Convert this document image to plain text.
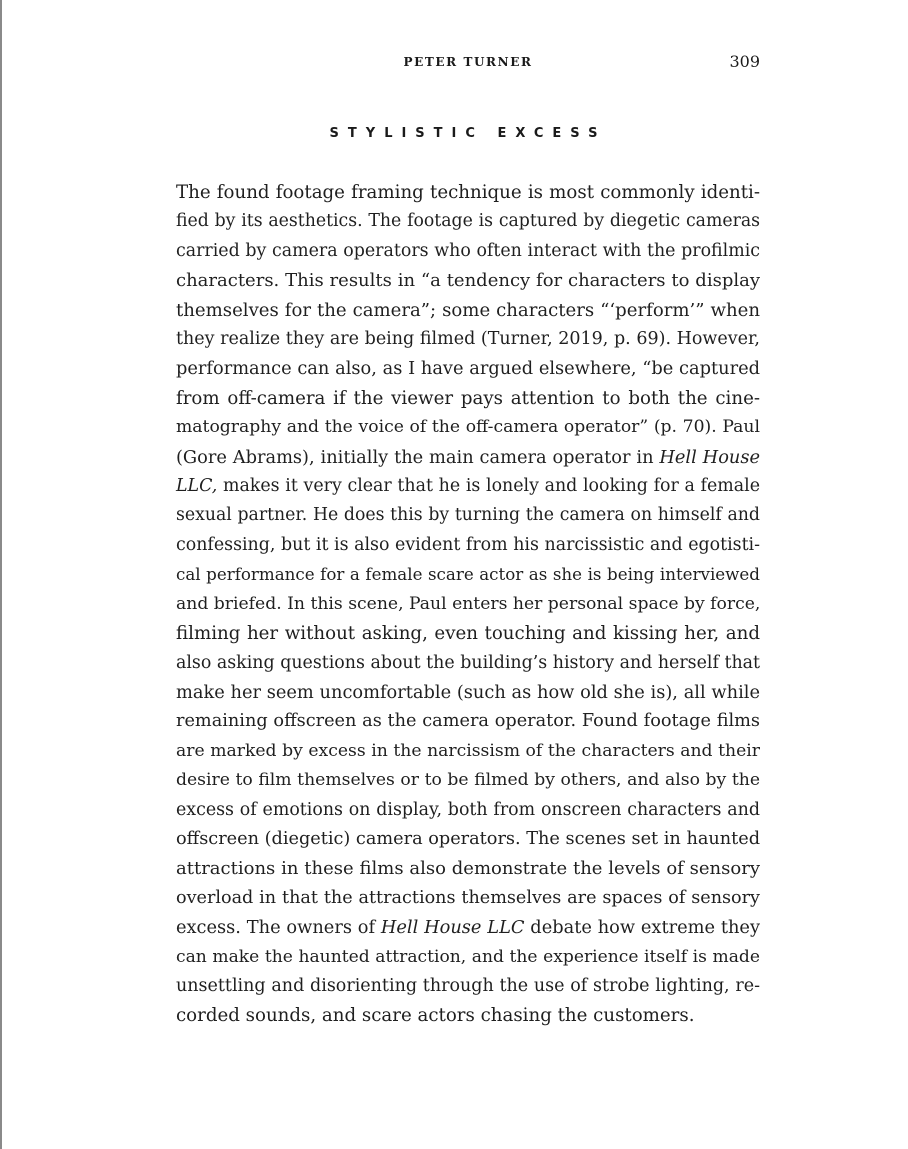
PETER TURNER	309
STYLISTIC EXCESS
The found footage framing technique is most commonly identi-
fied by its aesthetics. The footage is captured by diegetic cameras
carried by camera operators who often interact with the profilmic
characters. This results in “a tendency for characters to display
themselves for the camera”; some characters “‘perform’” when
they realize they are being filmed (Turner, 2019, p. 69). However,
performance can also, as I have argued elsewhere, “be captured
from off-camera if the viewer pays attention to both the cine-
matography and the voice of the off-camera operator” (p. 70). Paul
(Gore Abrams), initially the main camera operator in Hell House
LLC, makes it very clear that he is lonely and looking for a female
sexual partner. He does this by turning the camera on himself and
confessing, but it is also evident from his narcissistic and egotisti-
cal performance for a female scare actor as she is being interviewed
and briefed. In this scene, Paul enters her personal space by force,
filming her without asking, even touching and kissing her, and
also asking questions about the building’s history and herself that
make her seem uncomfortable (such as how old she is), all while
remaining offscreen as the camera operator. Found footage films
are marked by excess in the narcissism of the characters and their
desire to film themselves or to be filmed by others, and also by the
excess of emotions on display, both from onscreen characters and
offscreen (diegetic) camera operators. The scenes set in haunted
attractions in these films also demonstrate the levels of sensory
overload in that the attractions themselves are spaces of sensory
excess. The owners of Hell House LLC debate how extreme they
can make the haunted attraction, and the experience itself is made
unsettling and disorienting through the use of strobe lighting, re-
corded sounds, and scare actors chasing the customers.
